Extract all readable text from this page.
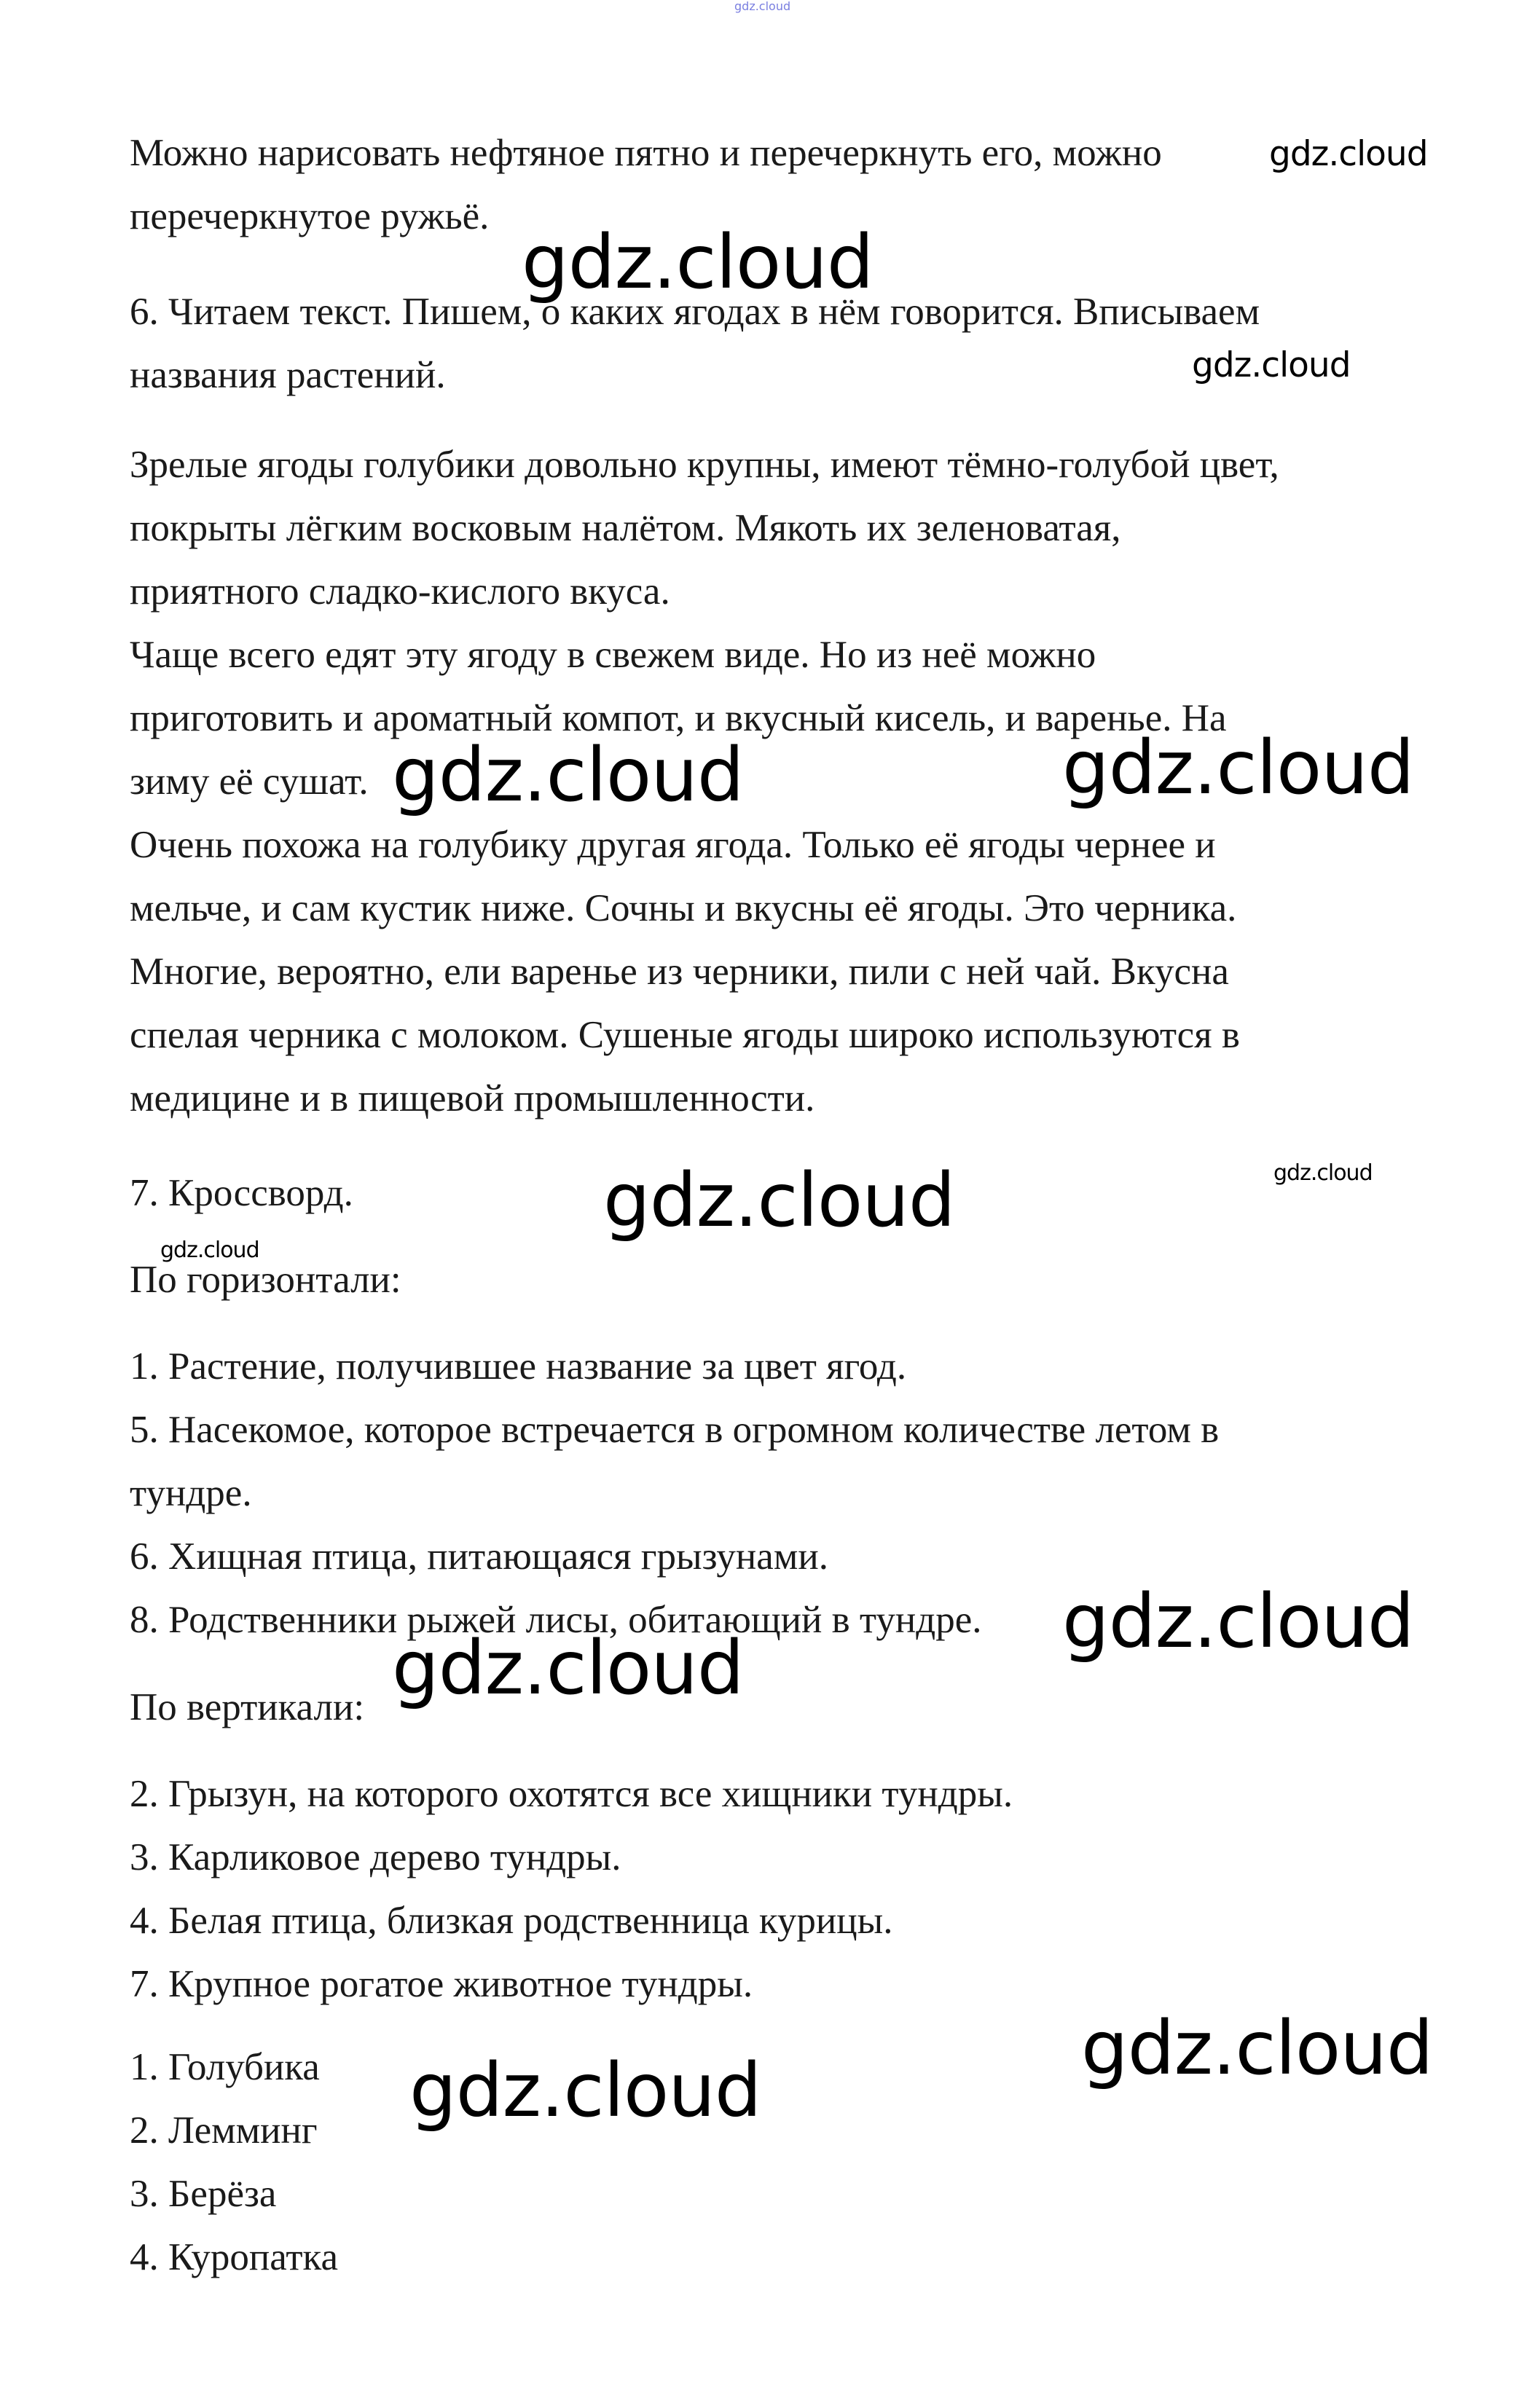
gdz.cloud
Можно нарисовать нефтяное пятно и перечеркнуть его, можно
перечеркнутое ружьё.
6. Читаем текст. Пишем, о каких ягодах в нём говорится. Вписываем
названия растений.
Зрелые ягоды голубики довольно крупны, имеют тёмно-голубой цвет,
покрыты лёгким восковым налётом. Мякоть их зеленоватая,
приятного сладко-кислого вкуса.
Чаще всего едят эту ягоду в свежем виде. Но из неё можно
приготовить и ароматный компот, и вкусный кисель, и варенье. На
зиму её сушат.
Очень похожа на голубику другая ягода. Только её ягоды чернее и
мельче, и сам кустик ниже. Сочны и вкусны её ягоды. Это черника.
Многие, вероятно, ели варенье из черники, пили с ней чай. Вкусна
спелая черника с молоком. Сушеные ягоды широко используются в
медицине и в пищевой промышленности.
7. Кроссворд.
По горизонтали:
1. Растение, получившее название за цвет ягод.
5. Насекомое, которое встречается в огромном количестве летом в
тундре.
6. Хищная птица, питающаяся грызунами.
8. Родственники рыжей лисы, обитающий в тундре.
По вертикали:
2. Грызун, на которого охотятся все хищники тундры.
3. Карликовое дерево тундры.
4. Белая птица, близкая родственница курицы.
7. Крупное рогатое животное тундры.
1. Голубика
2. Лемминг
3. Берёза
4. Куропатка
gdz.cloud
gdz.cloud
gdz.cloud
gdz.cloud	gdz.cloud
gdz.cloud	gdz.cloud
gdz.cloud
gdz.cloud
gdz.cloud
gdz.cloud
gdz.cloud
